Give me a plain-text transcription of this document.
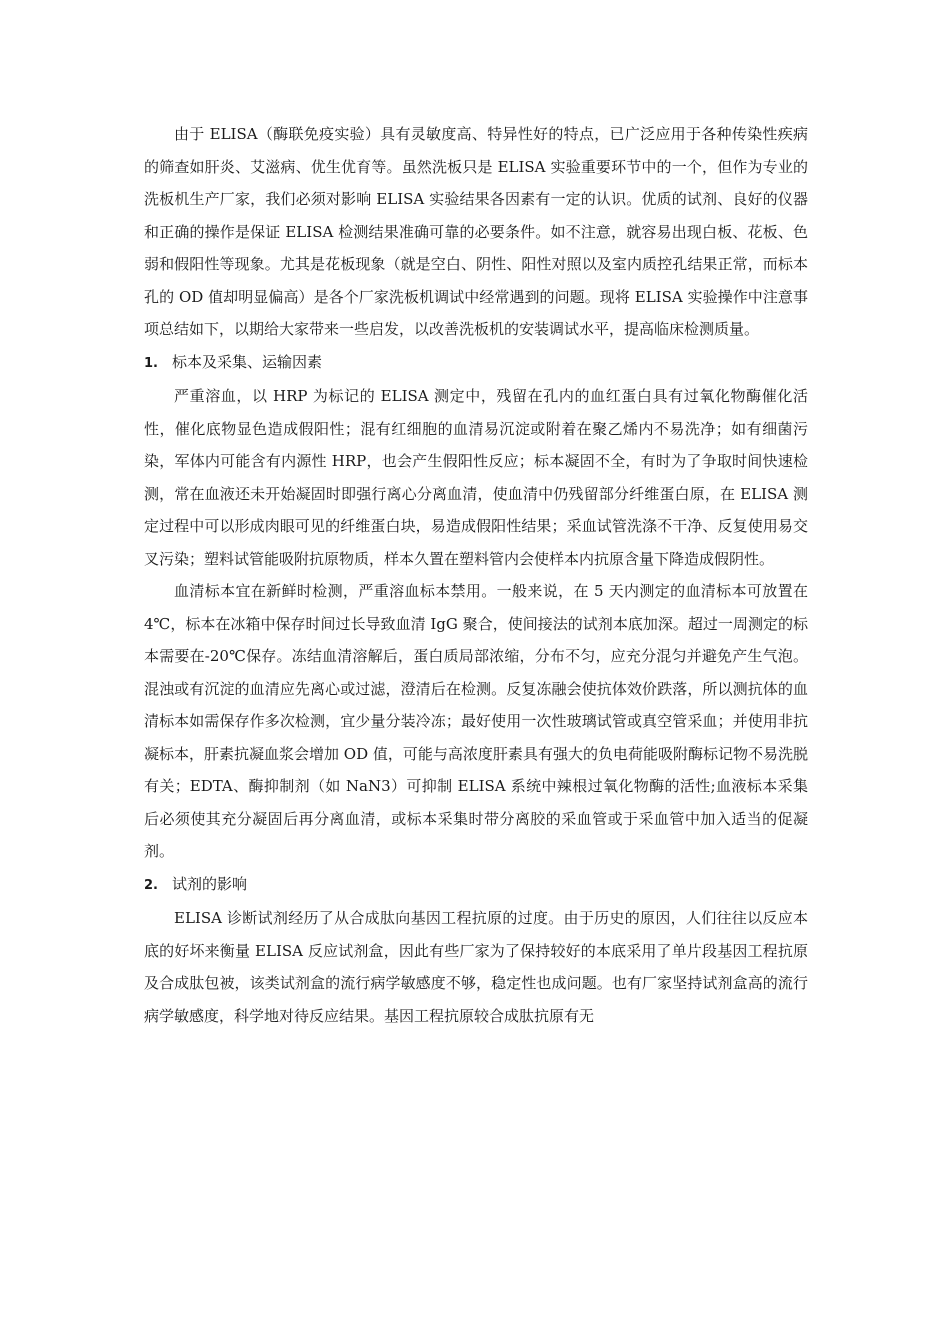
由于 ELISA（酶联免疫实验）具有灵敏度高、特异性好的特点，已广泛应用于各种传染性疾病的筛查如肝炎、艾滋病、优生优育等。虽然洗板只是 ELISA 实验重要环节中的一个，但作为专业的洗板机生产厂家，我们必须对影响 ELISA 实验结果各因素有一定的认识。优质的试剂、良好的仪器和正确的操作是保证 ELISA 检测结果准确可靠的必要条件。如不注意，就容易出现白板、花板、色弱和假阳性等现象。尤其是花板现象（就是空白、阴性、阳性对照以及室内质控孔结果正常，而标本孔的 OD 值却明显偏高）是各个厂家洗板机调试中经常遇到的问题。现将 ELISA 实验操作中注意事项总结如下，以期给大家带来一些启发，以改善洗板机的安装调试水平，提高临床检测质量。

1. 标本及采集、运输因素

严重溶血，以 HRP 为标记的 ELISA 测定中，残留在孔内的血红蛋白具有过氧化物酶催化活性，催化底物显色造成假阳性；混有红细胞的血清易沉淀或附着在聚乙烯内不易洗净；如有细菌污染，军体内可能含有内源性 HRP，也会产生假阳性反应；标本凝固不全，有时为了争取时间快速检测，常在血液还未开始凝固时即强行离心分离血清，使血清中仍残留部分纤维蛋白原，在 ELISA 测定过程中可以形成肉眼可见的纤维蛋白块，易造成假阳性结果；采血试管洗涤不干净、反复使用易交叉污染；塑料试管能吸附抗原物质，样本久置在塑料管内会使样本内抗原含量下降造成假阴性。

血清标本宜在新鲜时检测，严重溶血标本禁用。一般来说，在 5 天内测定的血清标本可放置在 4℃，标本在冰箱中保存时间过长导致血清 IgG 聚合，使间接法的试剂本底加深。超过一周测定的标本需要在-20℃保存。冻结血清溶解后，蛋白质局部浓缩，分布不匀，应充分混匀并避免产生气泡。混浊或有沉淀的血清应先离心或过滤，澄清后在检测。反复冻融会使抗体效价跌落，所以测抗体的血清标本如需保存作多次检测，宜少量分装冷冻；最好使用一次性玻璃试管或真空管采血；并使用非抗凝标本，肝素抗凝血浆会增加 OD 值，可能与高浓度肝素具有强大的负电荷能吸附酶标记物不易洗脱有关；EDTA、酶抑制剂（如 NaN3）可抑制 ELISA 系统中辣根过氧化物酶的活性;血液标本采集后必须使其充分凝固后再分离血清，或标本采集时带分离胶的采血管或于采血管中加入适当的促凝剂。

2. 试剂的影响

ELISA 诊断试剂经历了从合成肽向基因工程抗原的过度。由于历史的原因，人们往往以反应本底的好坏来衡量 ELISA 反应试剂盒，因此有些厂家为了保持较好的本底采用了单片段基因工程抗原及合成肽包被，该类试剂盒的流行病学敏感度不够，稳定性也成问题。也有厂家坚持试剂盒高的流行病学敏感度，科学地对待反应结果。基因工程抗原较合成肽抗原有无
